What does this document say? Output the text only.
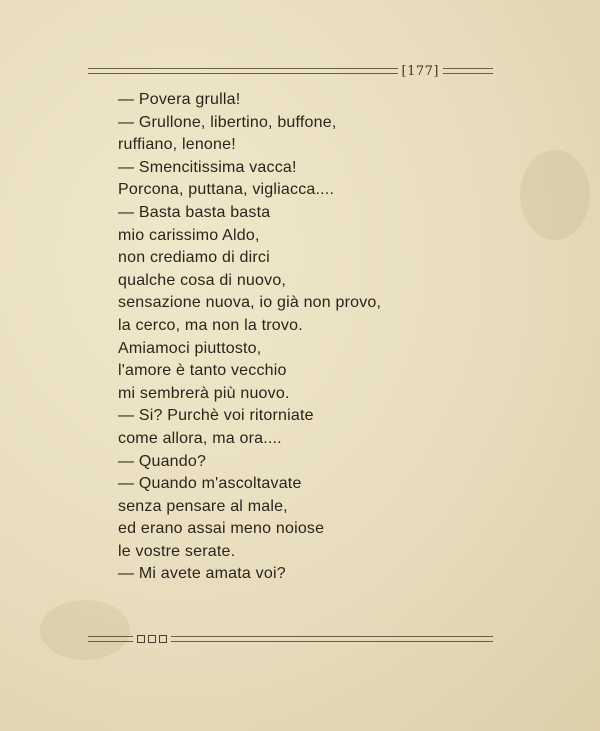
[177]
— Povera grulla!
— Grullone, libertino, buffone,
ruffiano, lenone!
— Smencitissima vacca!
Porcona, puttana, vigliacca....
— Basta basta basta
mio carissimo Aldo,
non crediamo di dirci
qualche cosa di nuovo,
sensazione nuova, io già non provo,
la cerco, ma non la trovo.
Amiamoci piuttosto,
l'amore è tanto vecchio
mi sembrerà più nuovo.
— Si? Purchè voi ritorniate
come allora, ma ora....
— Quando?
— Quando m'ascoltavate
senza pensare al male,
ed erano assai meno noiose
le vostre serate.
— Mi avete amata voi?
